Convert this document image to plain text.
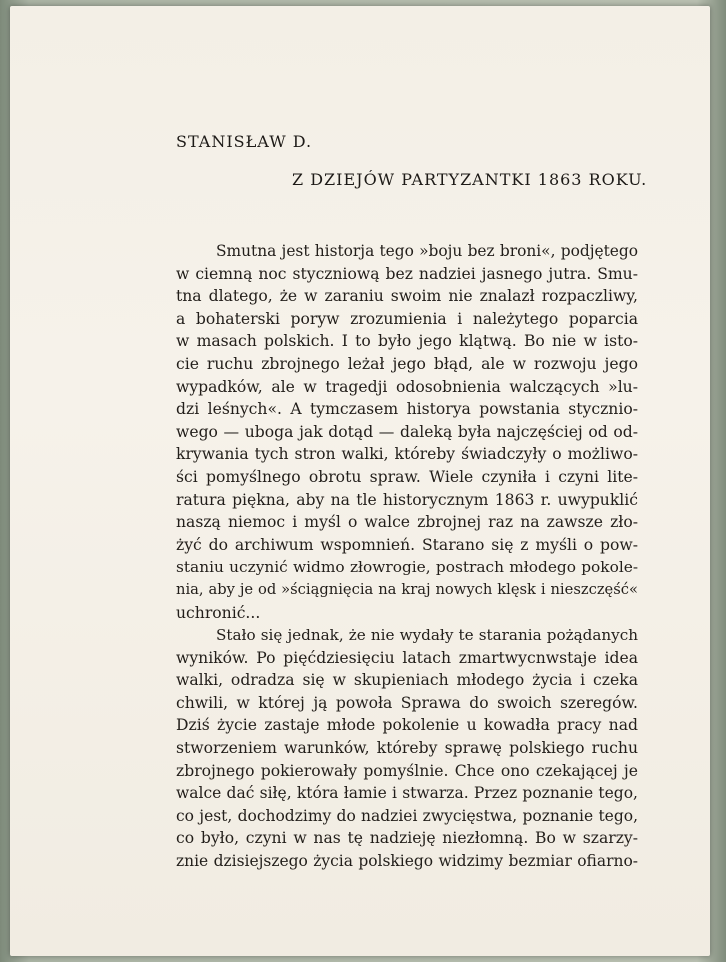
STANISŁAW D.
Z DZIEJÓW PARTYZANTKI 1863 ROKU.
Smutna jest historja tego »boju bez broni«, podjętego
w ciemną noc styczniową bez nadziei jasnego jutra. Smu-
tna dlatego, że w zaraniu swoim nie znalazł rozpaczliwy,
a bohaterski poryw zrozumienia i należytego poparcia
w masach polskich. I to było jego klątwą. Bo nie w isto-
cie ruchu zbrojnego leżał jego błąd, ale w rozwoju jego
wypadków, ale w tragedji odosobnienia walczących »lu-
dzi leśnych«. A tymczasem historya powstania stycznio-
wego — uboga jak dotąd — daleką była najczęściej od od-
krywania tych stron walki, któreby świadczyły o możliwo-
ści pomyślnego obrotu spraw. Wiele czyniła i czyni lite-
ratura piękna, aby na tle historycznym 1863 r. uwypuklić
naszą niemoc i myśl o walce zbrojnej raz na zawsze zło-
żyć do archiwum wspomnień. Starano się z myśli o pow-
staniu uczynić widmo złowrogie, postrach młodego pokole-
nia, aby je od »ściągnięcia na kraj nowych klęsk i nieszczęść«
uchronić...
Stało się jednak, że nie wydały te starania pożądanych
wyników. Po pięćdziesięciu latach zmartwycnwstaje idea
walki, odradza się w skupieniach młodego życia i czeka
chwili, w której ją powoła Sprawa do swoich szeregów.
Dziś życie zastaje młode pokolenie u kowadła pracy nad
stworzeniem warunków, któreby sprawę polskiego ruchu
zbrojnego pokierowały pomyślnie. Chce ono czekającej je
walce dać siłę, która łamie i stwarza. Przez poznanie tego,
co jest, dochodzimy do nadziei zwycięstwa, poznanie tego,
co było, czyni w nas tę nadzieję niezłomną. Bo w szarzy-
znie dzisiejszego życia polskiego widzimy bezmiar ofiarno-
